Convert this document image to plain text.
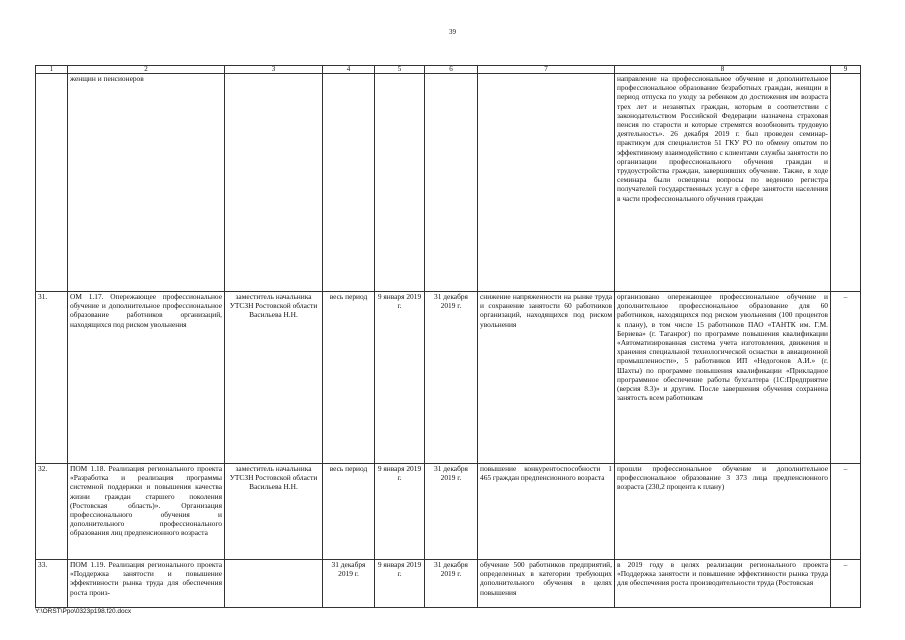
39
1	2	3	4	5	6	7	8	9
	женщин и пенсионеров						направление на профессиональное обучение и дополнительное профессиональное образование безработных граждан, женщин в период отпуска по уходу за ребенком до достижения им возраста трех лет и незанятых граждан, которым в соответствии с законодательством Российской Федерации назначена страховая пенсия по старости и которые стремятся возобновить трудовую деятельность». 26 декабря 2019 г. был проведен семинар-практикум для специалистов 51 ГКУ РО по обмену опытом по эффективному взаимодействию с клиентами службы занятости по организации профессионального обучения граждан и трудоустройства граждан, завершивших обучение. Также, в ходе семинара были освещены вопросы по ведению регистра получателей государственных услуг в сфере занятости населения в части профессионального обучения граждан	
31.	ОМ 1.17. Опережающее профессиональное обучение и дополнительное профессиональное образование работников организаций, находящихся под риском увольнения	заместитель начальника УТСЗН Ростовской области Васильева Н.Н.	весь период	9 января 2019 г.	31 декабря 2019 г.	снижение напряженности на рынке труда и сохранение занятости 60 работников организаций, находящихся под риском увольнения	организовано опережающее профессиональное обучение и дополнительное профессиональное образование для 60 работников, находящихся под риском увольнения (100 процентов к плану), в том числе 15 работников ПАО «ТАНТК им. Г.М. Бериева» (г. Таганрог) по программе повышения квалификации «Автоматизированная система учета изготовления, движения и хранения специальной технологической оснастки в авиационной промышленности», 5 работников ИП «Недогонов А.И.» (г. Шахты) по программе повышения квалификации «Прикладное программное обеспечение работы бухгалтера (1С:Предприятие (версия 8.3)» и другим. После завершения обучения сохранена занятость всем работникам	–
32.	ПОМ 1.18. Реализация регионального проекта «Разработка и реализация программы системной поддержки и повышения качества жизни граждан старшего поколения (Ростовская область)». Организация профессионального обучения и дополнительного профессионального образования лиц предпенсионного возраста	заместитель начальника УТСЗН Ростовской области Васильева Н.Н.	весь период	9 января 2019 г.	31 декабря 2019 г.	повышение конкурентоспособности 1 465 граждан предпенсионного возраста	прошли профессиональное обучение и дополнительное профессиональное образование 3 373 лица предпенсионного возраста (230,2 процента к плану)	–
33.	ПОМ 1.19. Реализация регионального проекта «Поддержка занятости и повышение эффективности рынка труда для обеспечения роста произ-		31 декабря 2019 г.	9 января 2019 г.	31 декабря 2019 г.	обучение 500 работников предприятий, определенных в категории требующих дополнительного обучения в целях повышения	в 2019 году в целях реализации регионального проекта «Поддержка занятости и повышение эффективности рынка труда для обеспечения роста производительности труда (Ростовская	–
Y:\ORST\Ppo\0323p198.f20.docx
